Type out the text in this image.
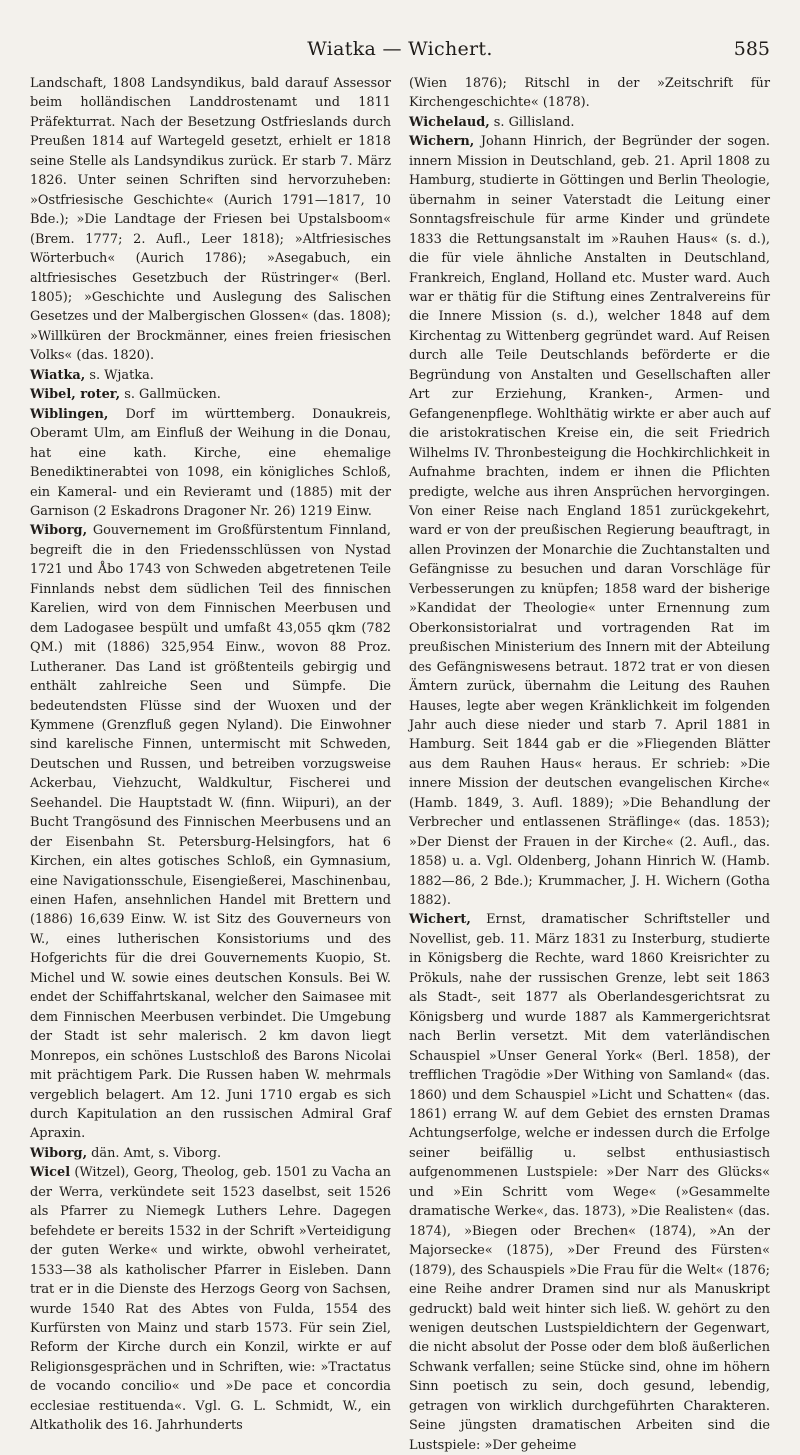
Wiatka — Wichert.	585

Landschaft, 1808 Landsyndikus, bald darauf Assessor beim holländischen Landdrostenamt und 1811 Präfekturrat. Nach der Besetzung Ostfrieslands durch Preußen 1814 auf Wartegeld gesetzt, erhielt er 1818 seine Stelle als Landsyndikus zurück. Er starb 7. März 1826. Unter seinen Schriften sind hervorzuheben: »Ostfriesische Geschichte« (Aurich 1791—1817, 10 Bde.); »Die Landtage der Friesen bei Upstalsboom« (Brem. 1777; 2. Aufl., Leer 1818); »Altfriesisches Wörterbuch« (Aurich 1786); »Asegabuch, ein altfriesisches Gesetzbuch der Rüstringer« (Berl. 1805); »Geschichte und Auslegung des Salischen Gesetzes und der Malbergischen Glossen« (das. 1808); »Willküren der Brockmänner, eines freien friesischen Volks« (das. 1820).

Wiatka, s. Wjatka.

Wibel, roter, s. Gallmücken.

Wiblingen, Dorf im württemberg. Donaukreis, Oberamt Ulm, am Einfluß der Weihung in die Donau, hat eine kath. Kirche, eine ehemalige Benediktinerabtei von 1098, ein königliches Schloß, ein Kameral- und ein Revieramt und (1885) mit der Garnison (2 Eskadrons Dragoner Nr. 26) 1219 Einw.

Wiborg, Gouvernement im Großfürstentum Finnland, begreift die in den Friedensschlüssen von Nystad 1721 und Åbo 1743 von Schweden abgetretenen Teile Finnlands nebst dem südlichen Teil des finnischen Karelien, wird von dem Finnischen Meerbusen und dem Ladogasee bespült und umfaßt 43,055 qkm (782 QM.) mit (1886) 325,954 Einw., wovon 88 Proz. Lutheraner. Das Land ist größtenteils gebirgig und enthält zahlreiche Seen und Sümpfe. Die bedeutendsten Flüsse sind der Wuoxen und der Kymmene (Grenzfluß gegen Nyland). Die Einwohner sind karelische Finnen, untermischt mit Schweden, Deutschen und Russen, und betreiben vorzugsweise Ackerbau, Viehzucht, Waldkultur, Fischerei und Seehandel. Die Hauptstadt W. (finn. Wiipuri), an der Bucht Trangösund des Finnischen Meerbusens und an der Eisenbahn St. Petersburg-Helsingfors, hat 6 Kirchen, ein altes gotisches Schloß, ein Gymnasium, eine Navigationsschule, Eisengießerei, Maschinenbau, einen Hafen, ansehnlichen Handel mit Brettern und (1886) 16,639 Einw. W. ist Sitz des Gouverneurs von W., eines lutherischen Konsistoriums und des Hofgerichts für die drei Gouvernements Kuopio, St. Michel und W. sowie eines deutschen Konsuls. Bei W. endet der Schiffahrtskanal, welcher den Saimasee mit dem Finnischen Meerbusen verbindet. Die Umgebung der Stadt ist sehr malerisch. 2 km davon liegt Monrepos, ein schönes Lustschloß des Barons Nicolai mit prächtigem Park. Die Russen haben W. mehrmals vergeblich belagert. Am 12. Juni 1710 ergab es sich durch Kapitulation an den russischen Admiral Graf Apraxin.

Wiborg, dän. Amt, s. Viborg.

Wicel (Witzel), Georg, Theolog, geb. 1501 zu Vacha an der Werra, verkündete seit 1523 daselbst, seit 1526 als Pfarrer zu Niemegk Luthers Lehre. Dagegen befehdete er bereits 1532 in der Schrift »Verteidigung der guten Werke« und wirkte, obwohl verheiratet, 1533—38 als katholischer Pfarrer in Eisleben. Dann trat er in die Dienste des Herzogs Georg von Sachsen, wurde 1540 Rat des Abtes von Fulda, 1554 des Kurfürsten von Mainz und starb 1573. Für sein Ziel, Reform der Kirche durch ein Konzil, wirkte er auf Religionsgesprächen und in Schriften, wie: »Tractatus de vocando concilio« und »De pace et concordia ecclesiae restituenda«. Vgl. G. L. Schmidt, W., ein Altkatholik des 16. Jahrhunderts

(Wien 1876); Ritschl in der »Zeitschrift für Kirchengeschichte« (1878).

Wichelaud, s. Gillisland.

Wichern, Johann Hinrich, der Begründer der sogen. innern Mission in Deutschland, geb. 21. April 1808 zu Hamburg, studierte in Göttingen und Berlin Theologie, übernahm in seiner Vaterstadt die Leitung einer Sonntagsfreischule für arme Kinder und gründete 1833 die Rettungsanstalt im »Rauhen Haus« (s. d.), die für viele ähnliche Anstalten in Deutschland, Frankreich, England, Holland etc. Muster ward. Auch war er thätig für die Stiftung eines Zentralvereins für die Innere Mission (s. d.), welcher 1848 auf dem Kirchentag zu Wittenberg gegründet ward. Auf Reisen durch alle Teile Deutschlands beförderte er die Begründung von Anstalten und Gesellschaften aller Art zur Erziehung, Kranken-, Armen- und Gefangenenpflege. Wohlthätig wirkte er aber auch auf die aristokratischen Kreise ein, die seit Friedrich Wilhelms IV. Thronbesteigung die Hochkirchlichkeit in Aufnahme brachten, indem er ihnen die Pflichten predigte, welche aus ihren Ansprüchen hervorgingen. Von einer Reise nach England 1851 zurückgekehrt, ward er von der preußischen Regierung beauftragt, in allen Provinzen der Monarchie die Zuchtanstalten und Gefängnisse zu besuchen und daran Vorschläge für Verbesserungen zu knüpfen; 1858 ward der bisherige »Kandidat der Theologie« unter Ernennung zum Oberkonsistorialrat und vortragenden Rat im preußischen Ministerium des Innern mit der Abteilung des Gefängniswesens betraut. 1872 trat er von diesen Ämtern zurück, übernahm die Leitung des Rauhen Hauses, legte aber wegen Kränklichkeit im folgenden Jahr auch diese nieder und starb 7. April 1881 in Hamburg. Seit 1844 gab er die »Fliegenden Blätter aus dem Rauhen Haus« heraus. Er schrieb: »Die innere Mission der deutschen evangelischen Kirche« (Hamb. 1849, 3. Aufl. 1889); »Die Behandlung der Verbrecher und entlassenen Sträflinge« (das. 1853); »Der Dienst der Frauen in der Kirche« (2. Aufl., das. 1858) u. a. Vgl. Oldenberg, Johann Hinrich W. (Hamb. 1882—86, 2 Bde.); Krummacher, J. H. Wichern (Gotha 1882).

Wichert, Ernst, dramatischer Schriftsteller und Novellist, geb. 11. März 1831 zu Insterburg, studierte in Königsberg die Rechte, ward 1860 Kreisrichter zu Prökuls, nahe der russischen Grenze, lebt seit 1863 als Stadt-, seit 1877 als Oberlandesgerichtsrat zu Königsberg und wurde 1887 als Kammergerichtsrat nach Berlin versetzt. Mit dem vaterländischen Schauspiel »Unser General York« (Berl. 1858), der trefflichen Tragödie »Der Withing von Samland« (das. 1860) und dem Schauspiel »Licht und Schatten« (das. 1861) errang W. auf dem Gebiet des ernsten Dramas Achtungserfolge, welche er indessen durch die Erfolge seiner beifällig u. selbst enthusiastisch aufgenommenen Lustspiele: »Der Narr des Glücks« und »Ein Schritt vom Wege« (»Gesammelte dramatische Werke«, das. 1873), »Die Realisten« (das. 1874), »Biegen oder Brechen« (1874), »An der Majorsecke« (1875), »Der Freund des Fürsten« (1879), des Schauspiels »Die Frau für die Welt« (1876; eine Reihe andrer Dramen sind nur als Manuskript gedruckt) bald weit hinter sich ließ. W. gehört zu den wenigen deutschen Lustspieldichtern der Gegenwart, die nicht absolut der Posse oder dem bloß äußerlichen Schwank verfallen; seine Stücke sind, ohne im höhern Sinn poetisch zu sein, doch gesund, lebendig, getragen von wirklich durchgeführten Charakteren. Seine jüngsten dramatischen Arbeiten sind die Lustspiele: »Der geheime
